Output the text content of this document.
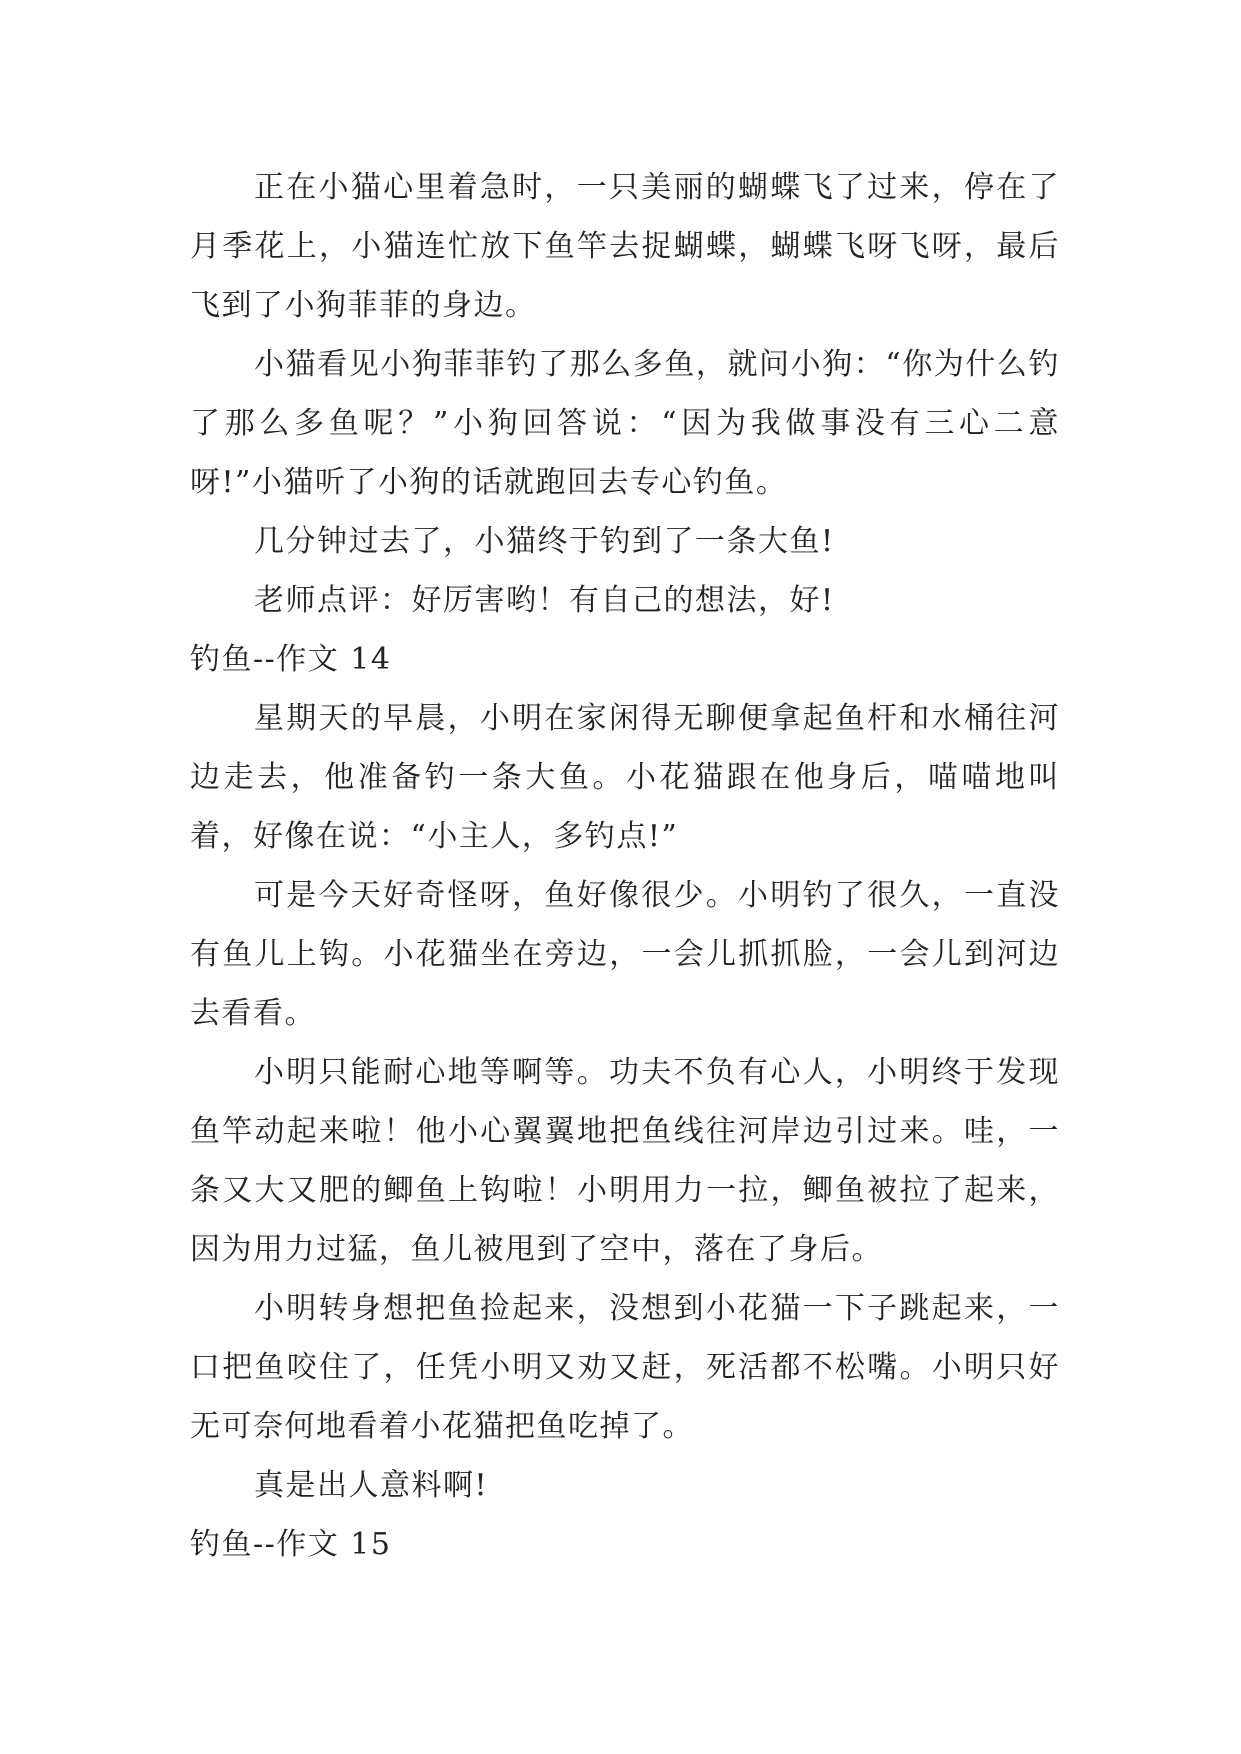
正在小猫心里着急时，一只美丽的蝴蝶飞了过来，停在了月季花上，小猫连忙放下鱼竿去捉蝴蝶，蝴蝶飞呀飞呀，最后飞到了小狗菲菲的身边。

小猫看见小狗菲菲钓了那么多鱼，就问小狗：“你为什么钓了那么多鱼呢？”小狗回答说：“因为我做事没有三心二意呀!”小猫听了小狗的话就跑回去专心钓鱼。

几分钟过去了，小猫终于钓到了一条大鱼!

老师点评：好厉害哟！有自己的想法，好!

钓鱼--作文 14

星期天的早晨，小明在家闲得无聊便拿起鱼杆和水桶往河边走去，他准备钓一条大鱼。小花猫跟在他身后，喵喵地叫着，好像在说：“小主人，多钓点!”

可是今天好奇怪呀，鱼好像很少。小明钓了很久，一直没有鱼儿上钩。小花猫坐在旁边，一会儿抓抓脸，一会儿到河边去看看。

小明只能耐心地等啊等。功夫不负有心人，小明终于发现鱼竿动起来啦！他小心翼翼地把鱼线往河岸边引过来。哇，一条又大又肥的鲫鱼上钩啦！小明用力一拉，鲫鱼被拉了起来，因为用力过猛，鱼儿被甩到了空中，落在了身后。

小明转身想把鱼捡起来，没想到小花猫一下子跳起来，一口把鱼咬住了，任凭小明又劝又赶，死活都不松嘴。小明只好无可奈何地看着小花猫把鱼吃掉了。

真是出人意料啊!

钓鱼--作文 15
